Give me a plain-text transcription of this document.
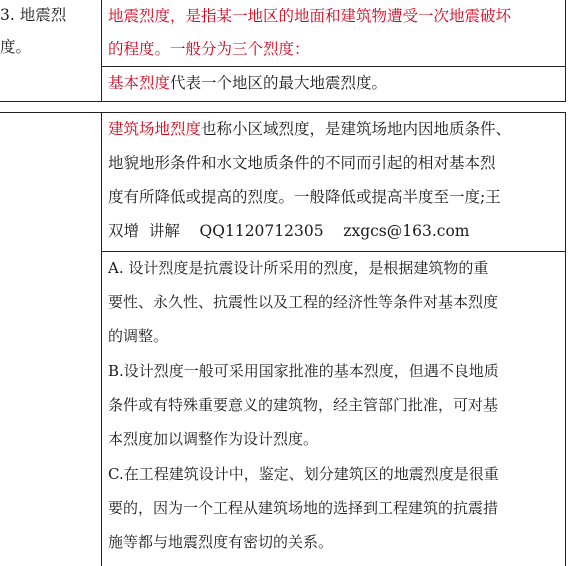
3. 地震烈
度。
地震烈度，是指某一地区的地面和建筑物遭受一次地震破坏
的程度。一般分为三个烈度：
基本烈度代表一个地区的最大地震烈度。
建筑场地烈度也称小区域烈度，是建筑场地内因地质条件、
地貌地形条件和水文地质条件的不同而引起的相对基本烈
度有所降低或提高的烈度。一般降低或提高半度至一度;王
双增  讲解    QQ1120712305    zxgcs@163.com
A. 设计烈度是抗震设计所采用的烈度，是根据建筑物的重
要性、永久性、抗震性以及工程的经济性等条件对基本烈度
的调整。
B.设计烈度一般可采用国家批准的基本烈度，但遇不良地质
条件或有特殊重要意义的建筑物，经主管部门批准，可对基
本烈度加以调整作为设计烈度。
C.在工程建筑设计中，鉴定、划分建筑区的地震烈度是很重
要的，因为一个工程从建筑场地的选择到工程建筑的抗震措
施等都与地震烈度有密切的关系。
